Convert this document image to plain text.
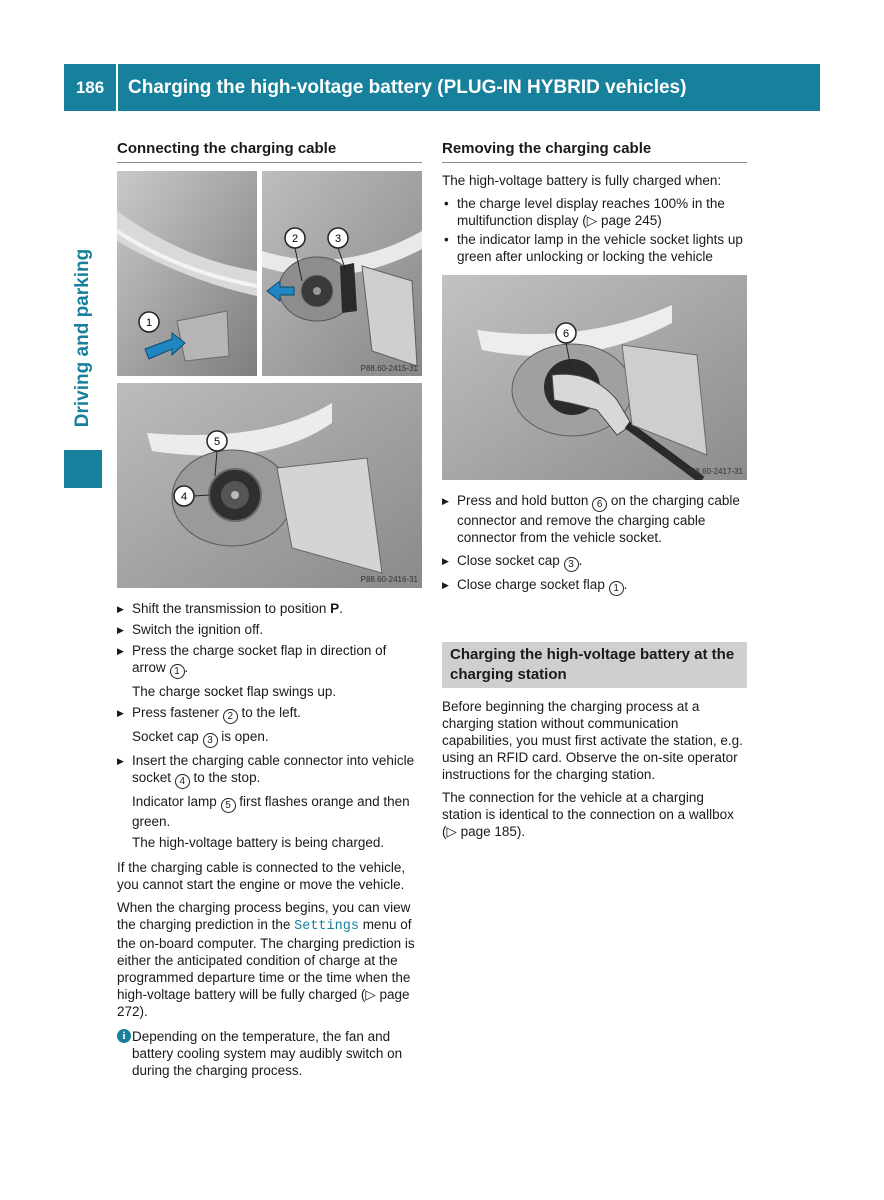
186	Charging the high-voltage battery (PLUG-IN HYBRID vehicles)
Driving and parking
Connecting the charging cable
1
2	3
P88.60-2415-31
5
4
P88.60-2416-31
▶ Shift the transmission to position P.
▶ Switch the ignition off.
▶ Press the charge socket flap in direction of arrow 1 .
The charge socket flap swings up.
▶ Press fastener 2 to the left.
Socket cap 3 is open.
▶ Insert the charging cable connector into vehicle socket 4 to the stop.
Indicator lamp 5 first flashes orange and then green.
The high-voltage battery is being charged.

If the charging cable is connected to the vehicle, you cannot start the engine or move the vehicle.

When the charging process begins, you can view the charging prediction in the Settings menu of the on-board computer. The charging prediction is either the anticipated condition of charge at the programmed departure time or the time when the high-voltage battery will be fully charged (▷ page 272).

i Depending on the temperature, the fan and battery cooling system may audibly switch on during the charging process.
Removing the charging cable

The high-voltage battery is fully charged when:

• the charge level display reaches 100% in the multifunction display (▷ page 245)
• the indicator lamp in the vehicle socket lights up green after unlocking or locking the vehicle
6
P88.60-2417-31
▶ Press and hold button 6 on the charging cable connector and remove the charging cable connector from the vehicle socket.
▶ Close socket cap 3 .
▶ Close charge socket flap 1 .
Charging the high-voltage battery at the charging station

Before beginning the charging process at a charging station without communication capabilities, you must first activate the station, e.g. using an RFID card. Observe the on-site operator instructions for the charging station.

The connection for the vehicle at a charging station is identical to the connection on a wallbox (▷ page 185).
